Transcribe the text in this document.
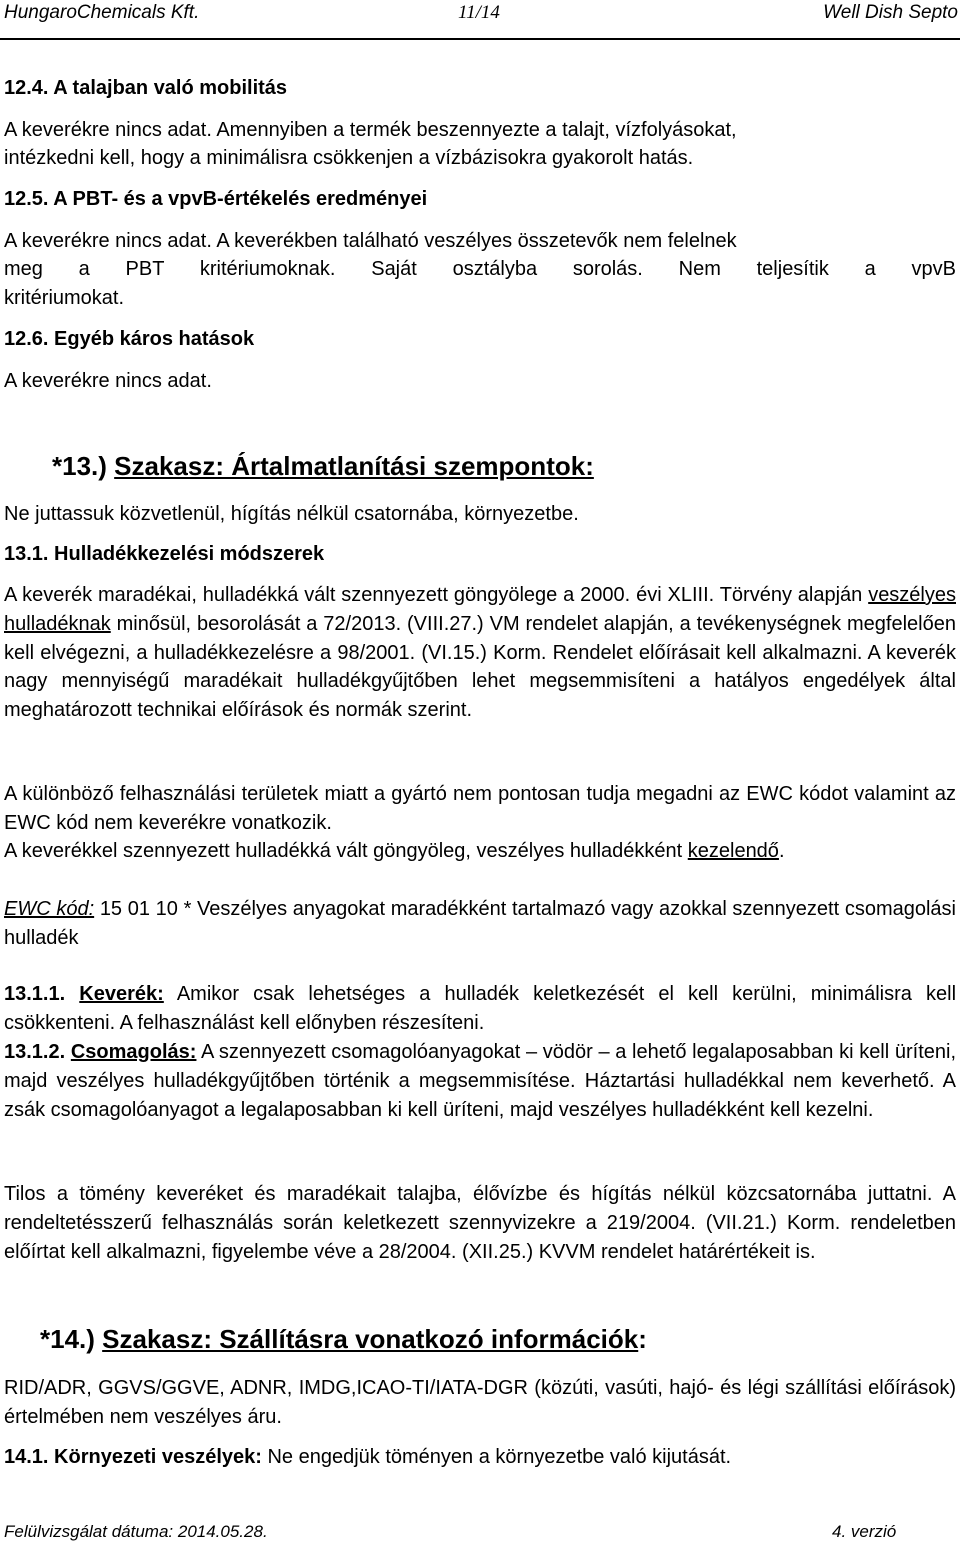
HungaroChemicals Kft.	11/14	Well Dish Septo
12.4. A talajban való mobilitás
A keverékre nincs adat. Amennyiben a termék beszennyezte a talajt, vízfolyásokat,
intézkedni kell, hogy a minimálisra csökkenjen a vízbázisokra gyakorolt hatás.
12.5. A PBT- és a vpvB-értékelés eredményei
A keverékre nincs adat. A keverékben található veszélyes összetevők nem felelnek
meg a PBT kritériumoknak. Saját osztályba sorolás. Nem teljesítik a vpvB
kritériumokat.
12.6. Egyéb káros hatások
A keverékre nincs adat.
*13.) Szakasz: Ártalmatlanítási szempontok:
Ne juttassuk közvetlenül, hígítás nélkül csatornába, környezetbe.
13.1. Hulladékkezelési módszerek
A keverék maradékai, hulladékká vált szennyezett göngyölege a 2000. évi XLIII. Törvény alapján veszélyes hulladéknak minősül, besorolását a 72/2013. (VIII.27.) VM rendelet alapján, a tevékenységnek megfelelően kell elvégezni, a hulladékkezelésre a 98/2001. (VI.15.) Korm. Rendelet előírásait kell alkalmazni. A keverék nagy mennyiségű maradékait hulladékgyűjtőben lehet megsemmisíteni a hatályos engedélyek által meghatározott technikai előírások és normák szerint.
A különböző felhasználási területek miatt a gyártó nem pontosan tudja megadni az EWC kódot valamint az EWC kód nem keverékre vonatkozik.
A keverékkel szennyezett hulladékká vált göngyöleg, veszélyes hulladékként kezelendő.
EWC kód: 15 01 10 * Veszélyes anyagokat maradékként tartalmazó vagy azokkal szennyezett csomagolási hulladék
13.1.1. Keverék: Amikor csak lehetséges a hulladék keletkezését el kell kerülni, minimálisra kell csökkenteni. A felhasználást kell előnyben részesíteni.
13.1.2. Csomagolás: A szennyezett csomagolóanyagokat – vödör – a lehető legalaposabban ki kell üríteni, majd veszélyes hulladékgyűjtőben történik a megsemmisítése. Háztartási hulladékkal nem keverhető. A zsák csomagolóanyagot a legalaposabban ki kell üríteni, majd veszélyes hulladékként kell kezelni.
Tilos a tömény keveréket és maradékait talajba, élővízbe és hígítás nélkül közcsatornába juttatni. A rendeltetésszerű felhasználás során keletkezett szennyvizekre a 219/2004. (VII.21.) Korm. rendeletben előírtat kell alkalmazni, figyelembe véve a 28/2004. (XII.25.) KVVM rendelet határértékeit is.
*14.) Szakasz: Szállításra vonatkozó információk:
RID/ADR, GGVS/GGVE, ADNR, IMDG,ICAO-TI/IATA-DGR (közúti, vasúti, hajó- és légi szállítási előírások) értelmében nem veszélyes áru.
14.1. Környezeti veszélyek: Ne engedjük töményen a környezetbe való kijutását.
Felülvizsgálat dátuma: 2014.05.28.	4. verzió
